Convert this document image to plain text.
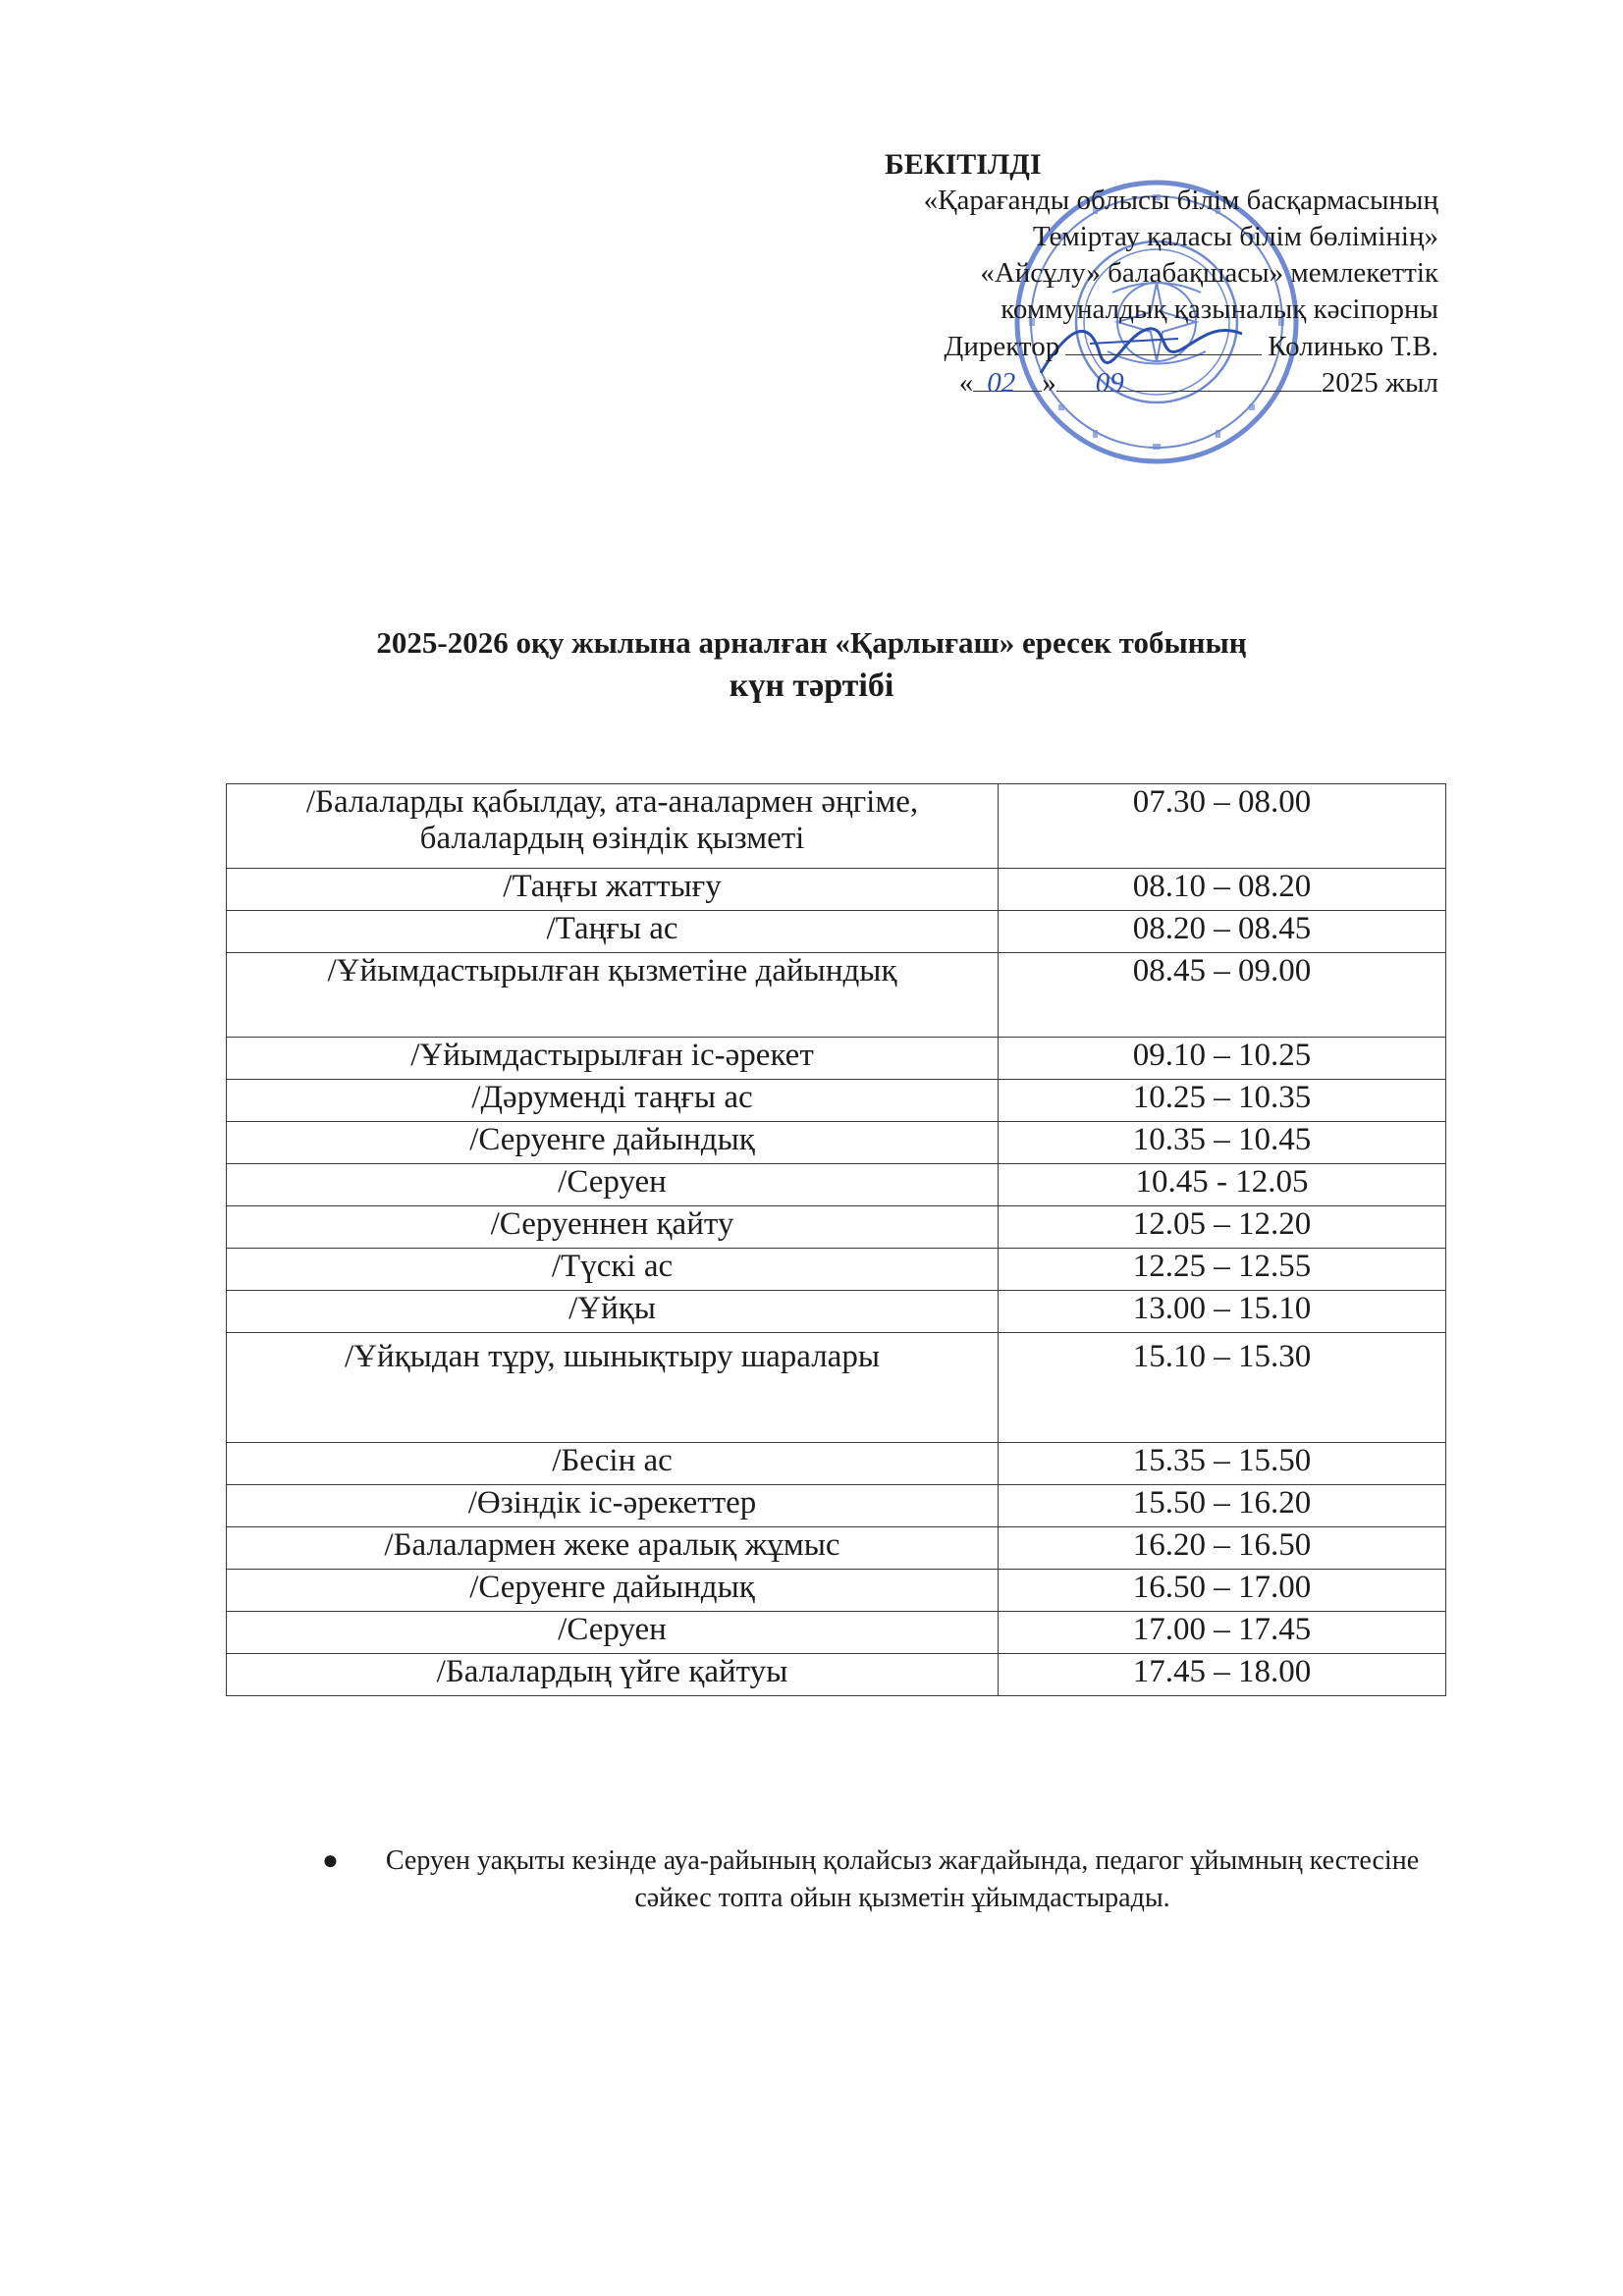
БЕКІТІЛДІ
«Қарағанды облысы білім басқармасының
Теміртау қаласы білім бөлімінің»
«Айсұлу» балабақшасы» мемлекеттік
коммуналдық қазыналық кәсіпорны
Директор	Колинько Т.В.
« 02 » 09	2025 жыл
2025-2026 оқу жылына арналған «Қарлығаш» ересек тобының
күн тәртібі
/Балаларды қабылдау, ата-аналармен әңгіме, балалардың өзіндік қызметі	07.30 – 08.00
/Таңғы жаттығу	08.10 – 08.20
/Таңғы ас	08.20 – 08.45
/Ұйымдастырылған қызметіне дайындық	08.45 – 09.00
/Ұйымдастырылған іс-әрекет	09.10 – 10.25
/Дәруменді таңғы ас	10.25 – 10.35
/Серуенге дайындық	10.35 – 10.45
/Серуен	10.45 - 12.05
/Серуеннен қайту	12.05 – 12.20
/Түскі ас	12.25 – 12.55
/Ұйқы	13.00 – 15.10
/Ұйқыдан тұру, шынықтыру шаралары	15.10 – 15.30
/Бесін ас	15.35 – 15.50
/Өзіндік іс-әрекеттер	15.50 – 16.20
/Балалармен жеке аралық жұмыс	16.20 – 16.50
/Серуенге дайындық	16.50 – 17.00
/Серуен	17.00 – 17.45
/Балалардың үйге қайтуы	17.45 – 18.00
●	Серуен уақыты кезінде ауа-райының қолайсыз жағдайында, педагог ұйымның кестесіне сәйкес топта ойын қызметін ұйымдастырады.
